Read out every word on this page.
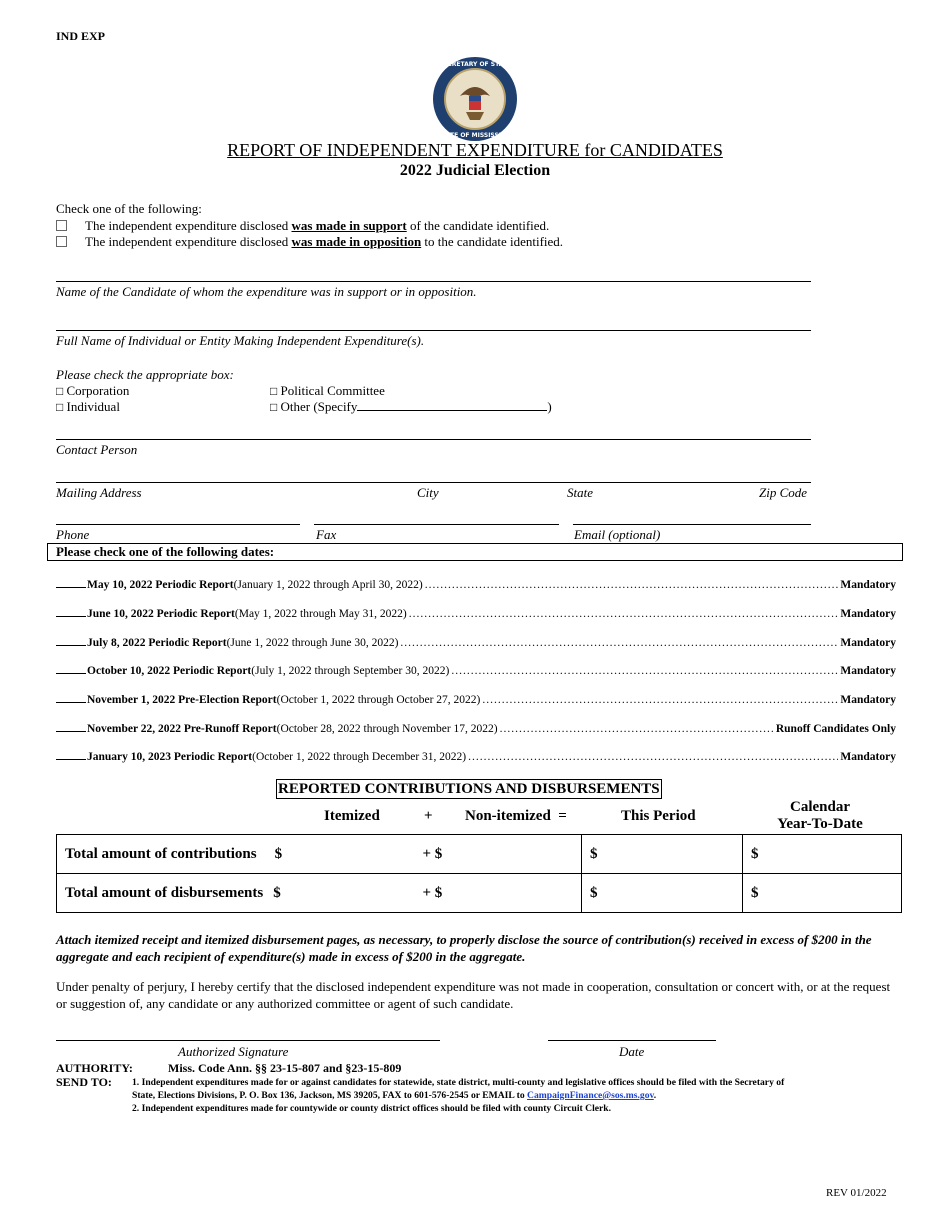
IND EXP
SECRETARY OF STATE
STATE OF MISSISSIPPI
REPORT OF INDEPENDENT EXPENDITURE for CANDIDATES
2022 Judicial Election
Check one of the following:
The independent expenditure disclosed was made in support of the candidate identified.
The independent expenditure disclosed was made in opposition to the candidate identified.
Name of the Candidate of whom the expenditure was in support or in opposition.
Full Name of Individual or Entity Making Independent Expenditure(s).
Please check the appropriate box:
□ Corporation
□ Individual
□ Political Committee
□ Other (Specify	)
Contact Person
Mailing Address	City	State	Zip Code
Phone	Fax	Email (optional)
Please check one of the following dates:
May 10, 2022 Periodic Report (January 1, 2022 through April 30, 2022) .....	Mandatory
June 10, 2022 Periodic Report (May 1, 2022 through May 31, 2022) .....	Mandatory
July 8, 2022 Periodic Report (June 1, 2022 through June 30, 2022) .....	Mandatory
October 10, 2022 Periodic Report (July 1, 2022 through September 30, 2022) .....	Mandatory
November 1, 2022 Pre-Election Report (October 1, 2022 through October 27, 2022) .....	Mandatory
November 22, 2022 Pre-Runoff Report (October 28, 2022 through November 17, 2022) .....	Runoff Candidates Only
January 10, 2023 Periodic Report (October 1, 2022 through December 31, 2022) .....	Mandatory
REPORTED CONTRIBUTIONS AND DISBURSEMENTS
Itemized	+ Non-itemized  =	This Period
Calendar
Year-To-Date
Total amount of contributions $ + $	$	$
Total amount of disbursements $ + $	$	$
Attach itemized receipt and itemized disbursement pages, as necessary, to properly disclose the source of contribution(s) received in excess of $200 in the aggregate and each recipient of expenditure(s) made in excess of $200 in the aggregate.
Under penalty of perjury, I hereby certify that the disclosed independent expenditure was not made in cooperation, consultation or concert with, or at the request or suggestion of, any candidate or any authorized committee or agent of such candidate.
Authorized Signature	Date
AUTHORITY:	Miss. Code Ann. §§ 23-15-807 and §23-15-809
SEND TO: 1. Independent expenditures made for or against candidates for statewide, state district, multi-county and legislative offices should be filed with the Secretary of
State, Elections Divisions, P. O. Box 136, Jackson, MS 39205, FAX to 601-576-2545 or EMAIL to CampaignFinance@sos.ms.gov.
2. Independent expenditures made for countywide or county district offices should be filed with county Circuit Clerk.
REV 01/2022
